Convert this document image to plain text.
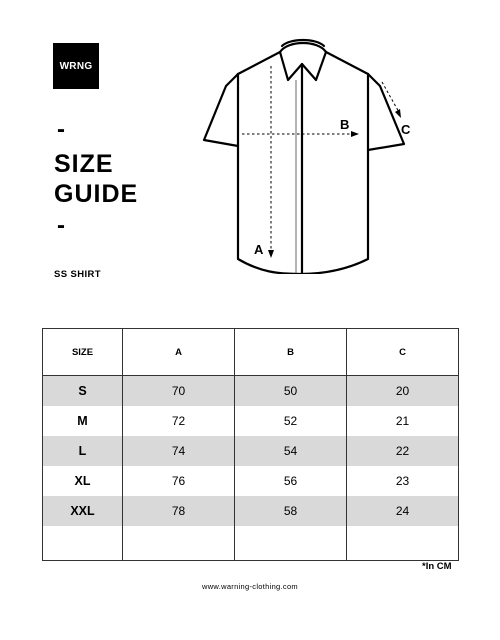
WRNG
-
SIZE
GUIDE
-
SS SHIRT
A
B	C
SIZE	A	B	C
S	70	50	20
M	72	52	21
L	74	54	22
XL	76	56	23
XXL	78	58	24

*In CM
www.warning-clothing.com
